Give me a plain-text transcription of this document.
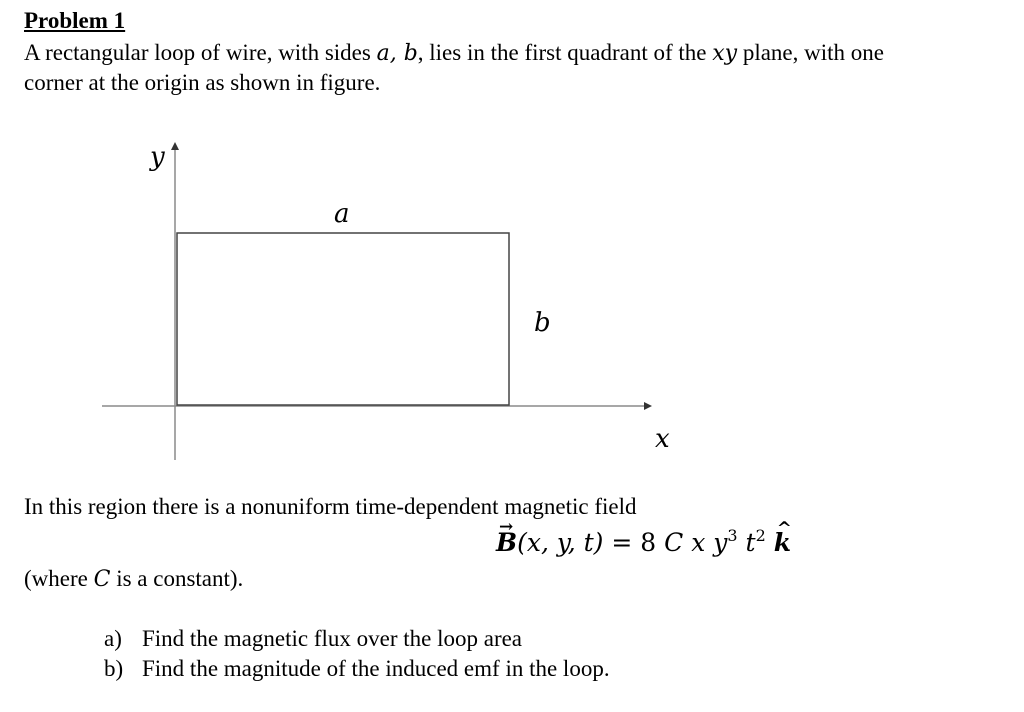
Problem 1
A rectangular loop of wire, with sides a, b, lies in the first quadrant of the xy plane, with one
corner at the origin as shown in figure.
y
x
a
b
In this region there is a nonuniform time-dependent magnetic field
→ B(x, y, t) = 8 C x $y^3$ $t^2$ ^ k
(where C is a constant).
a) Find the magnetic flux over the loop area
b) Find the magnitude of the induced emf in the loop.
